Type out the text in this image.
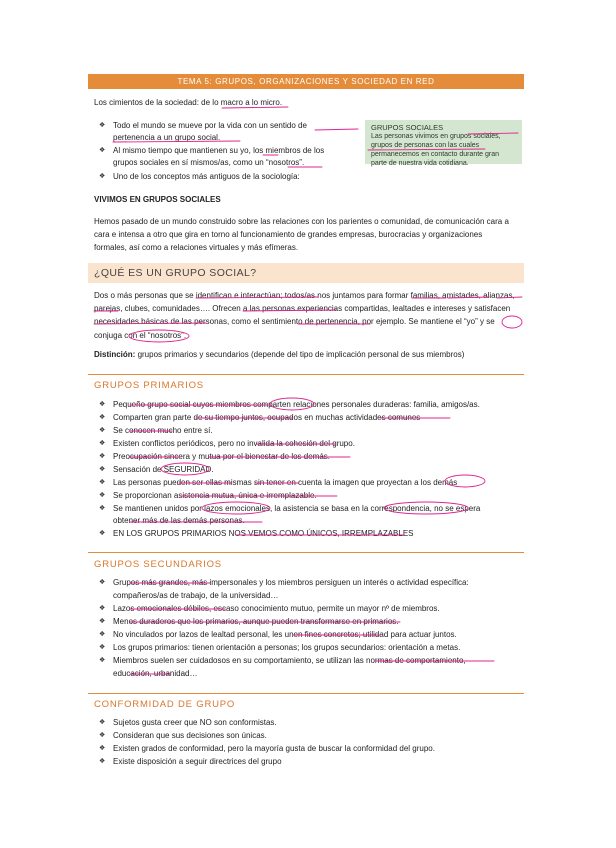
TEMA 5: GRUPOS, ORGANIZACIONES Y SOCIEDAD EN RED
Los cimientos de la sociedad: de lo macro a lo micro.
❖ Todo el mundo se mueve por la vida con un sentido de
pertenencia a un grupo social.
❖ Al mismo tiempo que mantienen su yo, los miembros de los
grupos sociales en sí mismos/as, como un “nosotros”.
❖ Uno de los conceptos más antiguos de la sociología:
GRUPOS SOCIALES
Las personas vivimos en grupos sociales, grupos de personas con las cuales permanecemos en contacto durante gran parte de nuestra vida cotidiana.
VIVIMOS EN GRUPOS SOCIALES
Hemos pasado de un mundo construido sobre las relaciones con los parientes o comunidad, de comunicación cara a
cara e intensa a otro que gira en torno al funcionamiento de grandes empresas, burocracias y organizaciones
formales, así como a relaciones virtuales y más efímeras.
¿QUÉ ES UN GRUPO SOCIAL?
Dos o más personas que se identifican e interactúan; todos/as nos juntamos para formar familias, amistades, alianzas,
parejas, clubes, comunidades…. Ofrecen a las personas experiencias compartidas, lealtades e intereses y satisfacen
necesidades básicas de las personas, como el sentimiento de pertenencia, por ejemplo. Se mantiene el “yo” y se
conjuga con el “nosotros”.
Distinción: grupos primarios y secundarios (depende del tipo de implicación personal de sus miembros)
GRUPOS PRIMARIOS
❖ Pequeño grupo social cuyos miembros comparten relaciones personales duraderas: familia, amigos/as.
❖ Comparten gran parte de su tiempo juntos, ocupados en muchas actividades comunes
❖ Se conocen mucho entre sí.
❖ Existen conflictos periódicos, pero no invalida la cohesión del grupo.
❖ Preocupación sincera y mutua por el bienestar de los demás.
❖ Sensación de SEGURIDAD.
❖ Las personas pueden ser ellas mismas sin tener en cuenta la imagen que proyectan a los demás
❖ Se proporcionan asistencia mutua, única e irremplazable.
❖ Se mantienen unidos por lazos emocionales, la asistencia se basa en la correspondencia, no se espera
obtener más de las demás personas.
❖ EN LOS GRUPOS PRIMARIOS NOS VEMOS COMO ÚNICOS, IRREMPLAZABLES
GRUPOS SECUNDARIOS
❖ Grupos más grandes, más impersonales y los miembros persiguen un interés o actividad específica:
compañeros/as de trabajo, de la universidad…
❖ Lazos emocionales débiles, escaso conocimiento mutuo, permite un mayor nº de miembros.
❖ Menos duraderos que los primarios, aunque pueden transformarse en primarios.
❖ No vinculados por lazos de lealtad personal, les unen fines concretos; utilidad para actuar juntos.
❖ Los grupos primarios: tienen orientación a personas; los grupos secundarios: orientación a metas.
❖ Miembros suelen ser cuidadosos en su comportamiento, se utilizan las normas de comportamiento,
educación, urbanidad…
CONFORMIDAD DE GRUPO
❖ Sujetos gusta creer que NO son conformistas.
❖ Consideran que sus decisiones son únicas.
❖ Existen grados de conformidad, pero la mayoría gusta de buscar la conformidad del grupo.
❖ Existe disposición a seguir directrices del grupo
